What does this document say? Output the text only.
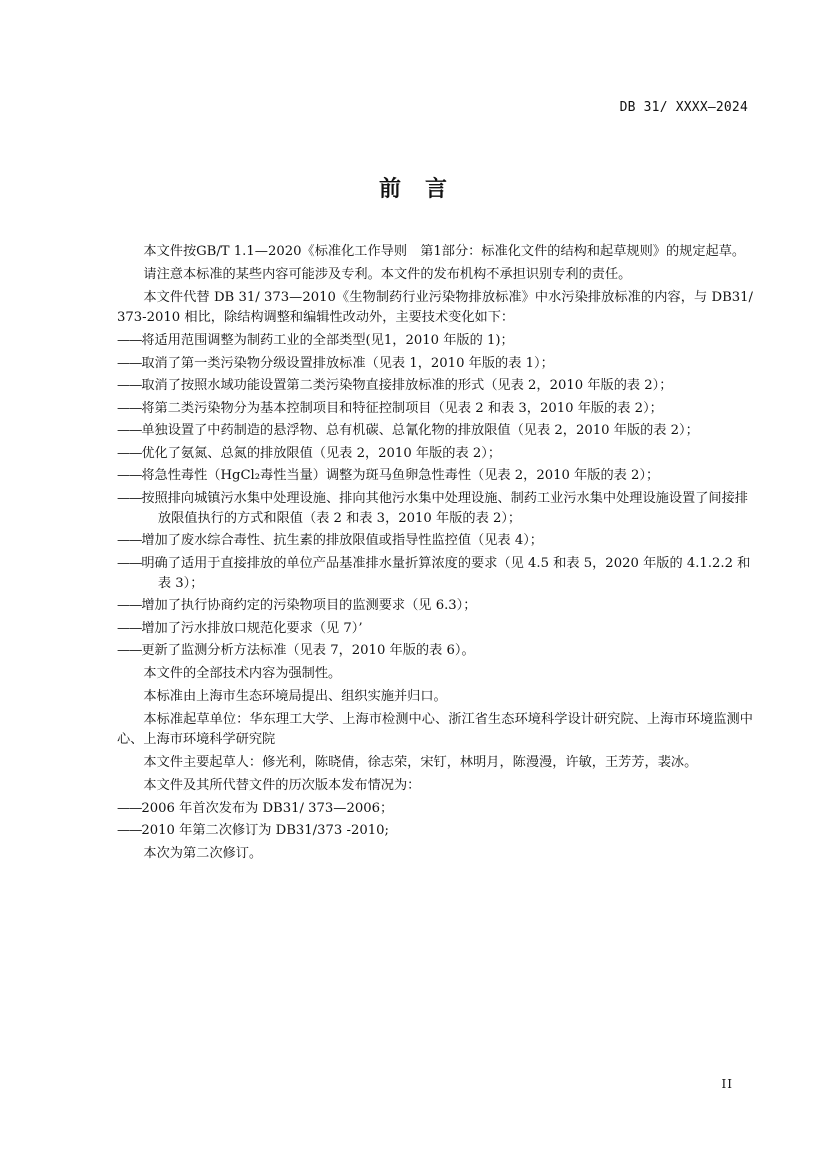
DB 31/ XXXX—2024
前言

本文件按GB/T 1.1—2020《标准化工作导则　第1部分：标准化文件的结构和起草规则》的规定起草。

请注意本标准的某些内容可能涉及专利。本文件的发布机构不承担识别专利的责任。

本文件代替 DB 31/ 373—2010《生物制药行业污染物排放标准》中水污染排放标准的内容，与 DB31/ 373-2010 相比，除结构调整和编辑性改动外，主要技术变化如下：

——将适用范围调整为制药工业的全部类型(见1，2010 年版的 1)；
——取消了第一类污染物分级设置排放标准（见表 1，2010 年版的表 1）；
——取消了按照水域功能设置第二类污染物直接排放标准的形式（见表 2，2010 年版的表 2）；
——将第二类污染物分为基本控制项目和特征控制项目（见表 2 和表 3，2010 年版的表 2）；
——单独设置了中药制造的悬浮物、总有机碳、总氰化物的排放限值（见表 2，2010 年版的表 2）；
——优化了氨氮、总氮的排放限值（见表 2，2010 年版的表 2）；
——将急性毒性（HgCl₂毒性当量）调整为斑马鱼卵急性毒性（见表 2，2010 年版的表 2）；
——按照排向城镇污水集中处理设施、排向其他污水集中处理设施、制药工业污水集中处理设施设置了间接排放限值执行的方式和限值（表 2 和表 3，2010 年版的表 2）；
——增加了废水综合毒性、抗生素的排放限值或指导性监控值（见表 4）；
——明确了适用于直接排放的单位产品基准排水量折算浓度的要求（见 4.5 和表 5，2020 年版的 4.1.2.2 和表 3）；
——增加了执行协商约定的污染物项目的监测要求（见 6.3）；
——增加了污水排放口规范化要求（见 7）’
——更新了监测分析方法标准（见表 7，2010 年版的表 6）。

本文件的全部技术内容为强制性。

本标准由上海市生态环境局提出、组织实施并归口。

本标准起草单位：华东理工大学、上海市检测中心、浙江省生态环境科学设计研究院、上海市环境监测中心、上海市环境科学研究院

本文件主要起草人：修光利，陈晓倩，徐志荣，宋钉，林明月，陈漫漫，许敏，王芳芳，裴冰。

本文件及其所代替文件的历次版本发布情况为：

——2006 年首次发布为 DB31/ 373—2006；
——2010 年第二次修订为 DB31/373 -2010;

本次为第二次修订。

II
